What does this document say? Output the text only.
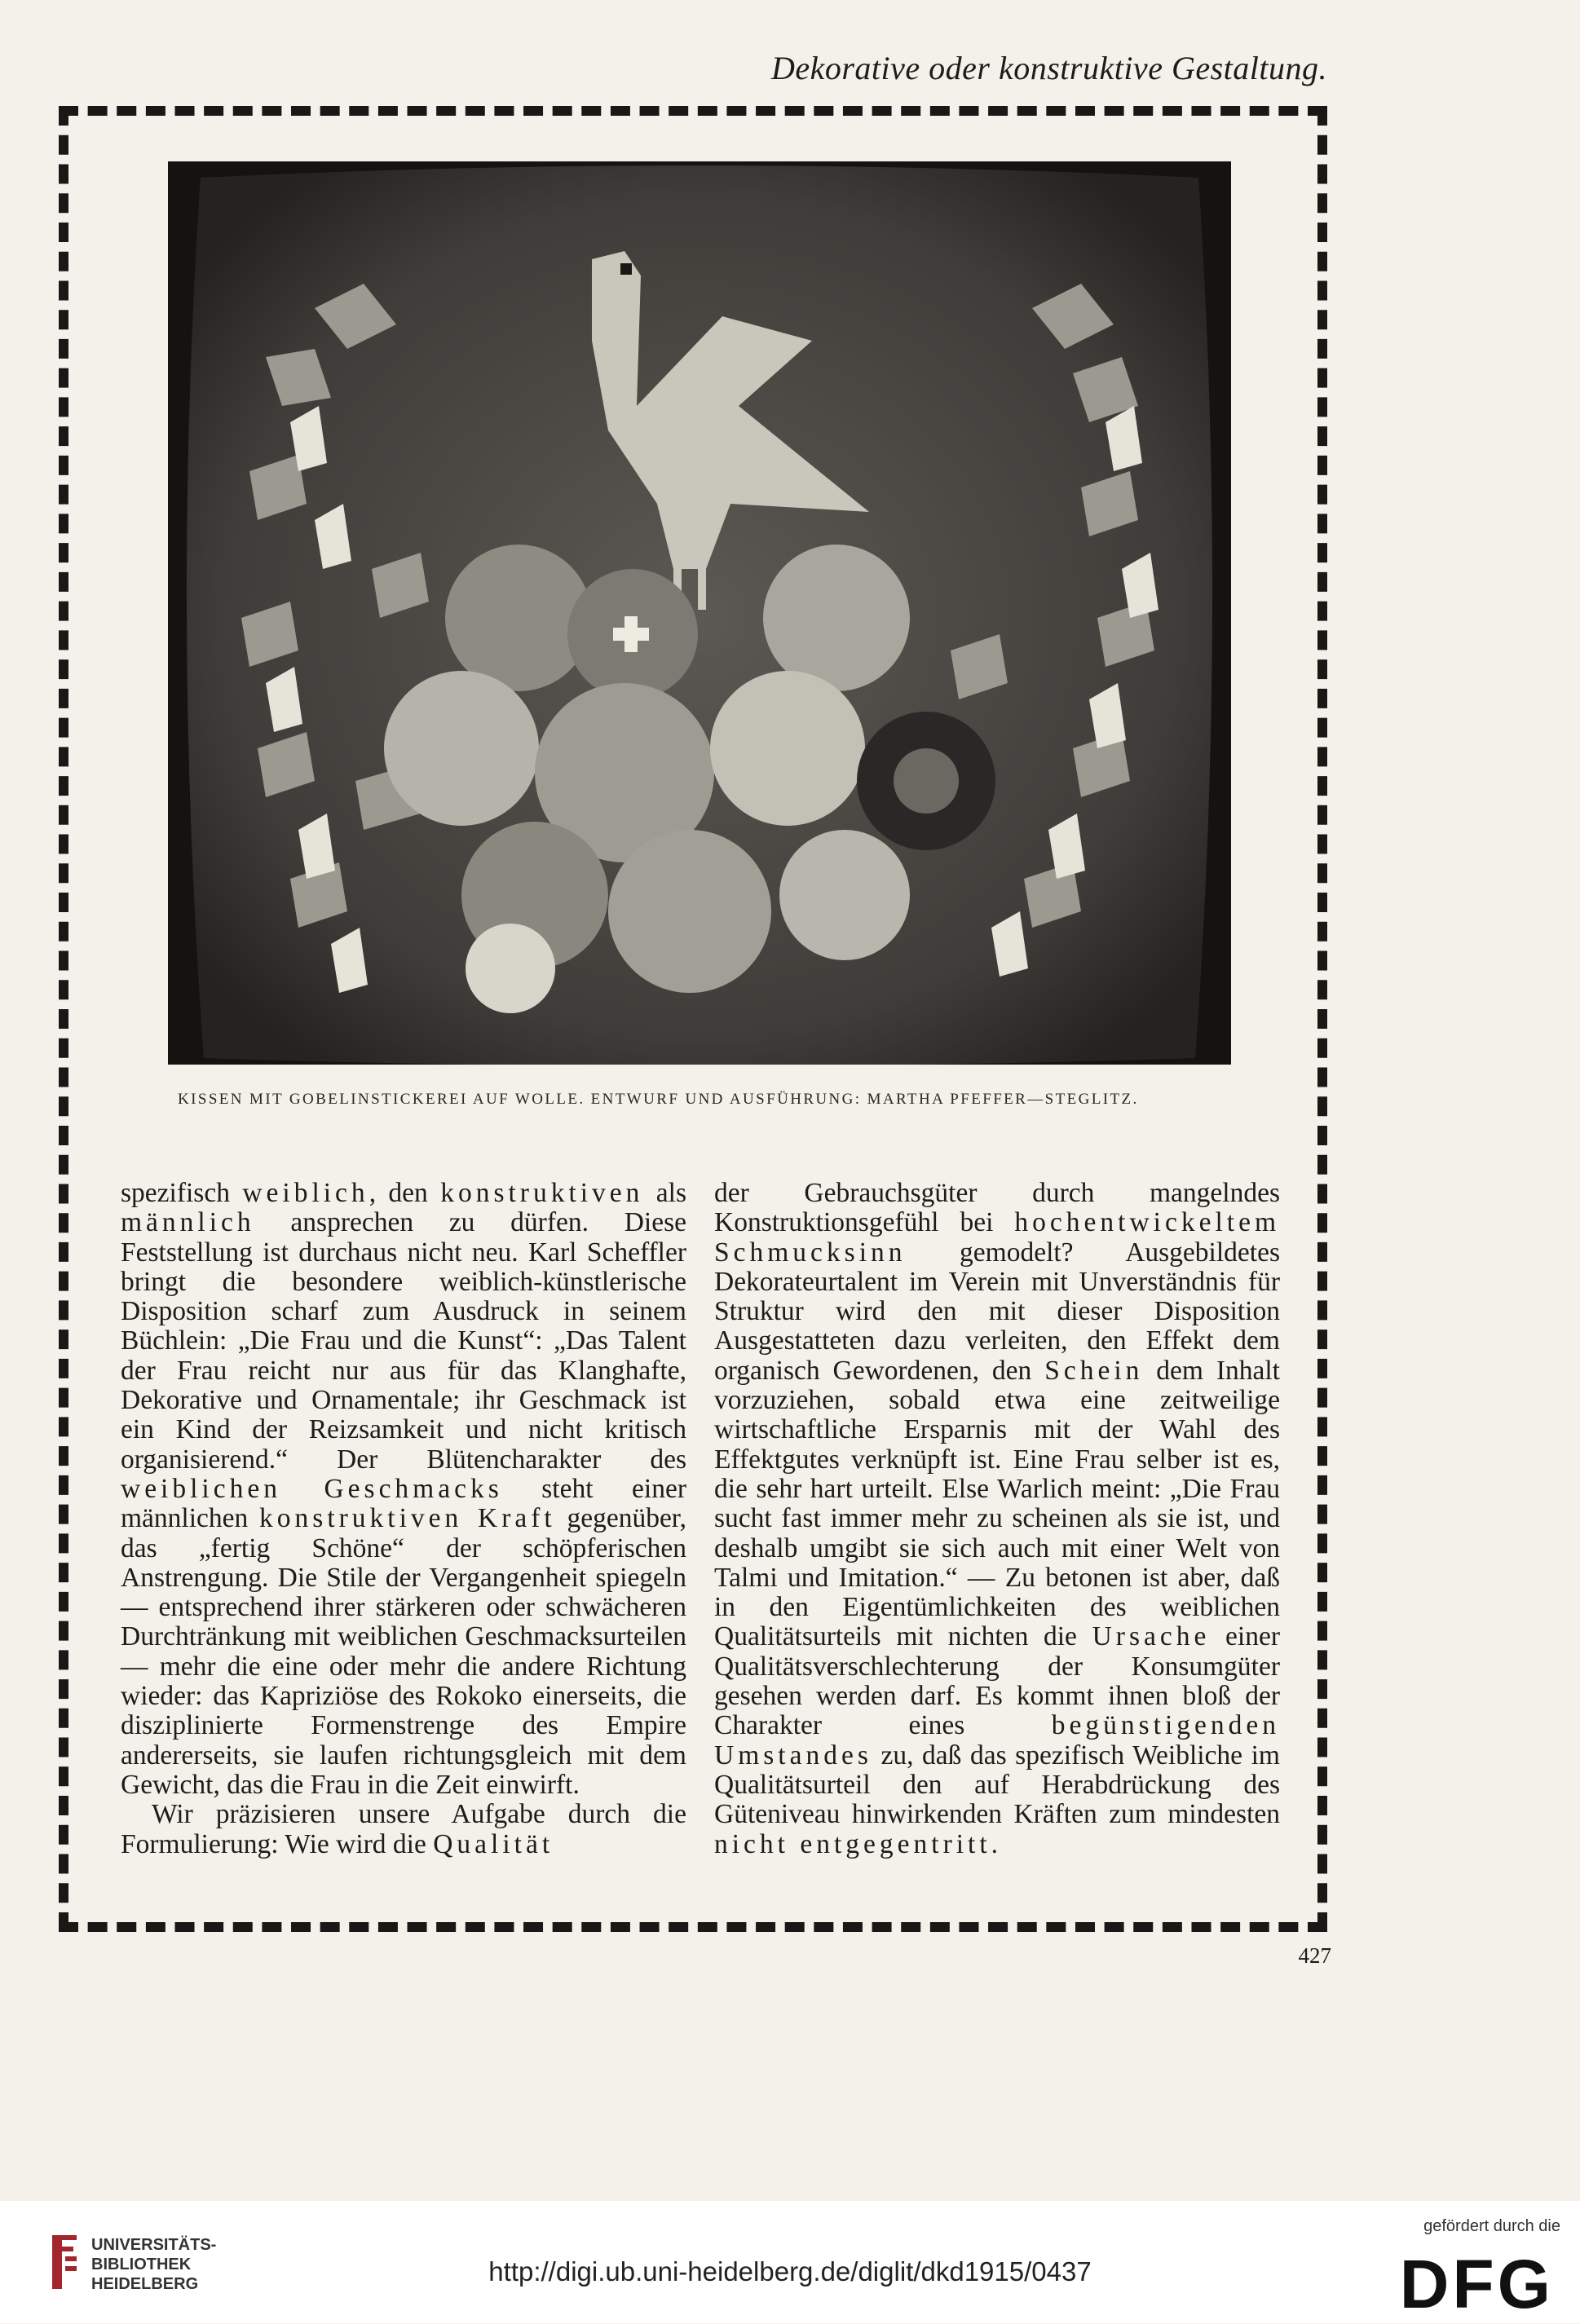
Dekorative oder konstruktive Gestaltung.
KISSEN MIT GOBELINSTICKEREI AUF WOLLE. ENTWURF UND AUSFÜHRUNG: MARTHA PFEFFER—STEGLITZ.

spezifisch weiblich, den konstruktiven als männlich ansprechen zu dürfen. Diese Feststellung ist durchaus nicht neu. Karl Scheffler bringt die besondere weiblich-künstlerische Disposition scharf zum Ausdruck in seinem Büchlein: „Die Frau und die Kunst“: „Das Talent der Frau reicht nur aus für das Klanghafte, Dekorative und Ornamentale; ihr Geschmack ist ein Kind der Reizsamkeit und nicht kritisch organisierend.“ Der Blütencharakter des weiblichen Geschmacks steht einer männlichen konstruktiven Kraft gegenüber, das „fertig Schöne“ der schöpferischen Anstrengung. Die Stile der Vergangenheit spiegeln — entsprechend ihrer stärkeren oder schwächeren Durchtränkung mit weiblichen Geschmacksurteilen — mehr die eine oder mehr die andere Richtung wieder: das Kapriziöse des Rokoko einerseits, die disziplinierte Formenstrenge des Empire andererseits, sie laufen richtungsgleich mit dem Gewicht, das die Frau in die Zeit einwirft.

Wir präzisieren unsere Aufgabe durch die Formulierung: Wie wird die Qualität

der Gebrauchsgüter durch mangelndes Konstruktionsgefühl bei hochentwickeltem Schmucksinn gemodelt? Ausgebildetes Dekorateurtalent im Verein mit Unverständnis für Struktur wird den mit dieser Disposition Ausgestatteten dazu verleiten, den Effekt dem organisch Gewordenen, den Schein dem Inhalt vorzuziehen, sobald etwa eine zeitweilige wirtschaftliche Ersparnis mit der Wahl des Effektgutes verknüpft ist. Eine Frau selber ist es, die sehr hart urteilt. Else Warlich meint: „Die Frau sucht fast immer mehr zu scheinen als sie ist, und deshalb umgibt sie sich auch mit einer Welt von Talmi und Imitation.“ — Zu betonen ist aber, daß in den Eigentümlichkeiten des weiblichen Qualitätsurteils mit nichten die Ursache einer Qualitätsverschlechterung der Konsumgüter gesehen werden darf. Es kommt ihnen bloß der Charakter eines begünstigenden Umstandes zu, daß das spezifisch Weibliche im Qualitätsurteil den auf Herabdrückung des Güteniveau hinwirkenden Kräften zum mindesten nicht entgegentritt.

427
UNIVERSITÄTS-
BIBLIOTHEK
HEIDELBERG	http://digi.ub.uni-heidelberg.de/diglit/dkd1915/0437
gefördert durch die
DFG
